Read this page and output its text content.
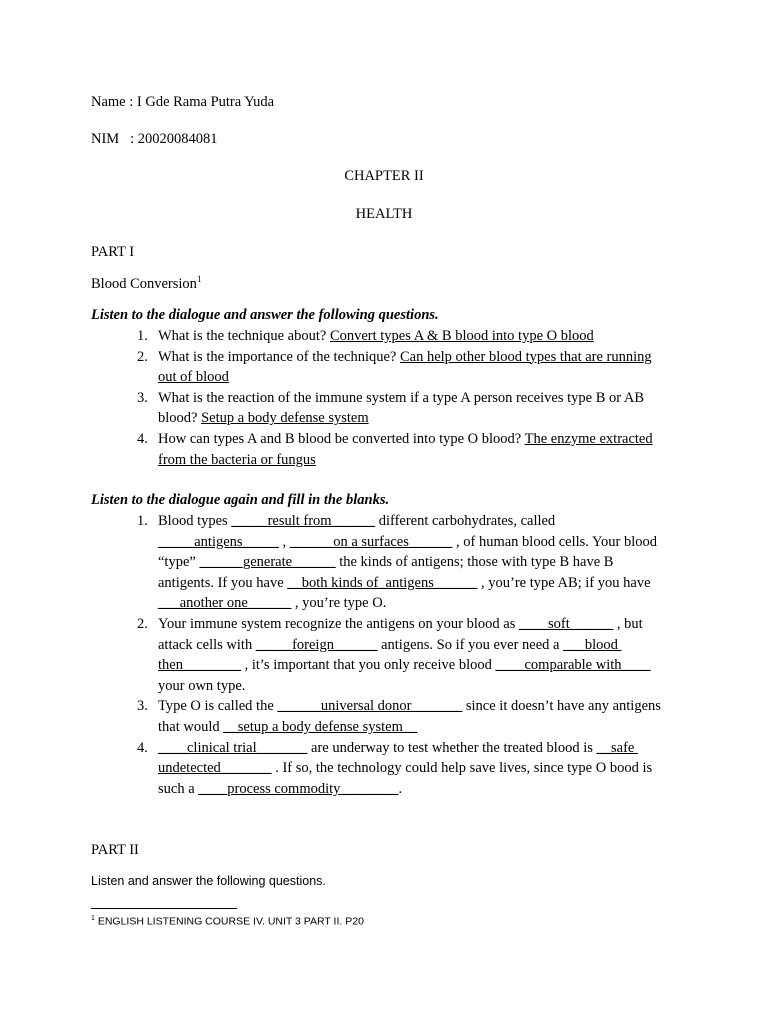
Name : I Gde Rama Putra Yuda
NIM   : 20020084081
CHAPTER II
HEALTH
PART I
Blood Conversion$^1$
Listen to the dialogue and answer the following questions.
1. What is the technique about? Convert types A & B blood into type O blood
2. What is the importance of the technique? Can help other blood types that are running
out of blood
3. What is the reaction of the immune system if a type A person receives type B or AB
blood? Setup a body defense system
4. How can types A and B blood be converted into type O blood? The enzyme extracted
from the bacteria or fungus
Listen to the dialogue again and fill in the blanks.
1. Blood types _____result from______ different carbohydrates, called
_____antigens_____ , ______on a surfaces______ , of human blood cells. Your blood
“type” ______generate______ the kinds of antigens; those with type B have B
antigents. If you have __both kinds of_antigens______ , you’re type AB; if you have
___another one______ , you’re type O.
2. Your immune system recognize the antigens on your blood as ____soft______ , but
attack cells with _____foreign______ antigens. So if you ever need a ___blood
then________ , it’s important that you only receive blood ____comparable with____
your own type.
3. Type O is called the ______universal donor_______ since it doesn’t have any antigens
that would __setup a body defense system__
4. ____clinical trial_______ are underway to test whether the treated blood is __safe
undetected_______ . If so, the technology could help save lives, since type O bood is
such a ____process commodity________.
PART II
Listen and answer the following questions.
$^1$ ENGLISH LISTENING COURSE IV. UNIT 3 PART II. P20
